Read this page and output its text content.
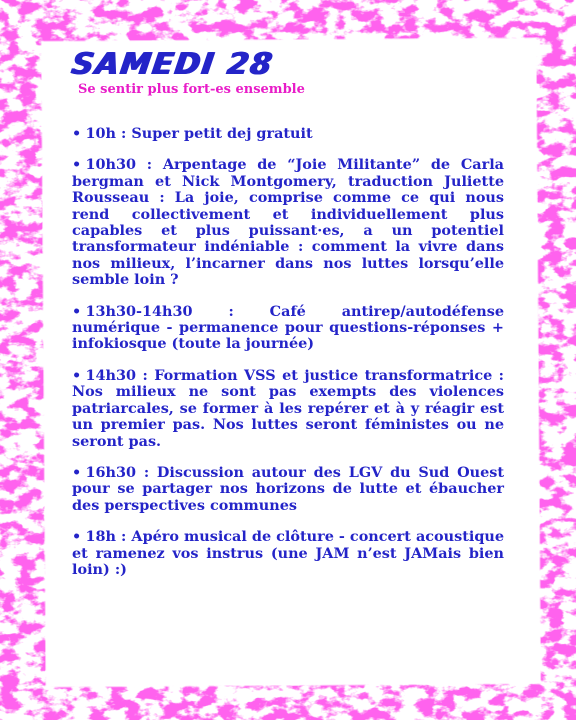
SAMEDI 28

Se sentir plus fort-es ensemble

• 10h : Super petit dej gratuit

• 10h30 : Arpentage de “Joie Militante” de Carla bergman et Nick Montgomery, traduction Juliette Rousseau : La joie, comprise comme ce qui nous rend collectivement et individuellement plus capables et plus puissant·es, a un potentiel transformateur indéniable : comment la vivre dans nos milieux, l’incarner dans nos luttes lorsqu’elle semble loin ?

• 13h30-14h30 : Café antirep/autodéfense numérique - permanence pour questions-réponses + infokiosque (toute la journée)

• 14h30 : Formation VSS et justice transformatrice : Nos milieux ne sont pas exempts des violences patriarcales, se former à les repérer et à y réagir est un premier pas. Nos luttes seront féministes ou ne seront pas.

• 16h30 : Discussion autour des LGV du Sud Ouest pour se partager nos horizons de lutte et ébaucher des perspectives communes

• 18h : Apéro musical de clôture - concert acoustique et ramenez vos instrus (une JAM n’est JAMais bien loin) :)
